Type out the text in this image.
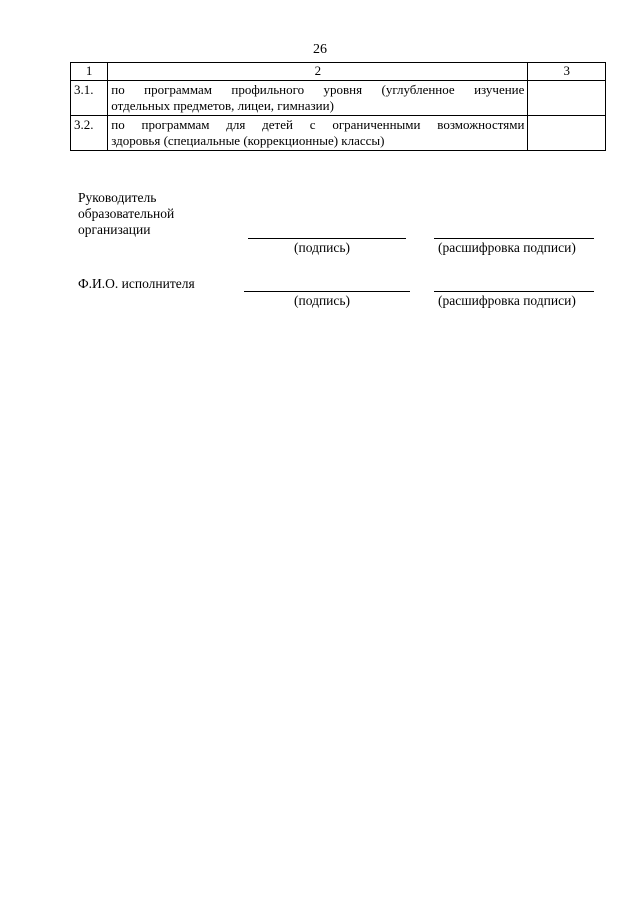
26
1	2	3
3.1.	по программам профильного уровня (углубленное изучение
отдельных предметов, лицеи, гимназии)	

3.2.	по программам для детей с ограниченными возможностями
здоровья (специальные (коррекционные) классы)	

Руководитель
образовательной
организации
(подпись)	(расшифровка подписи)
Ф.И.О. исполнителя
(подпись)	(расшифровка подписи)
